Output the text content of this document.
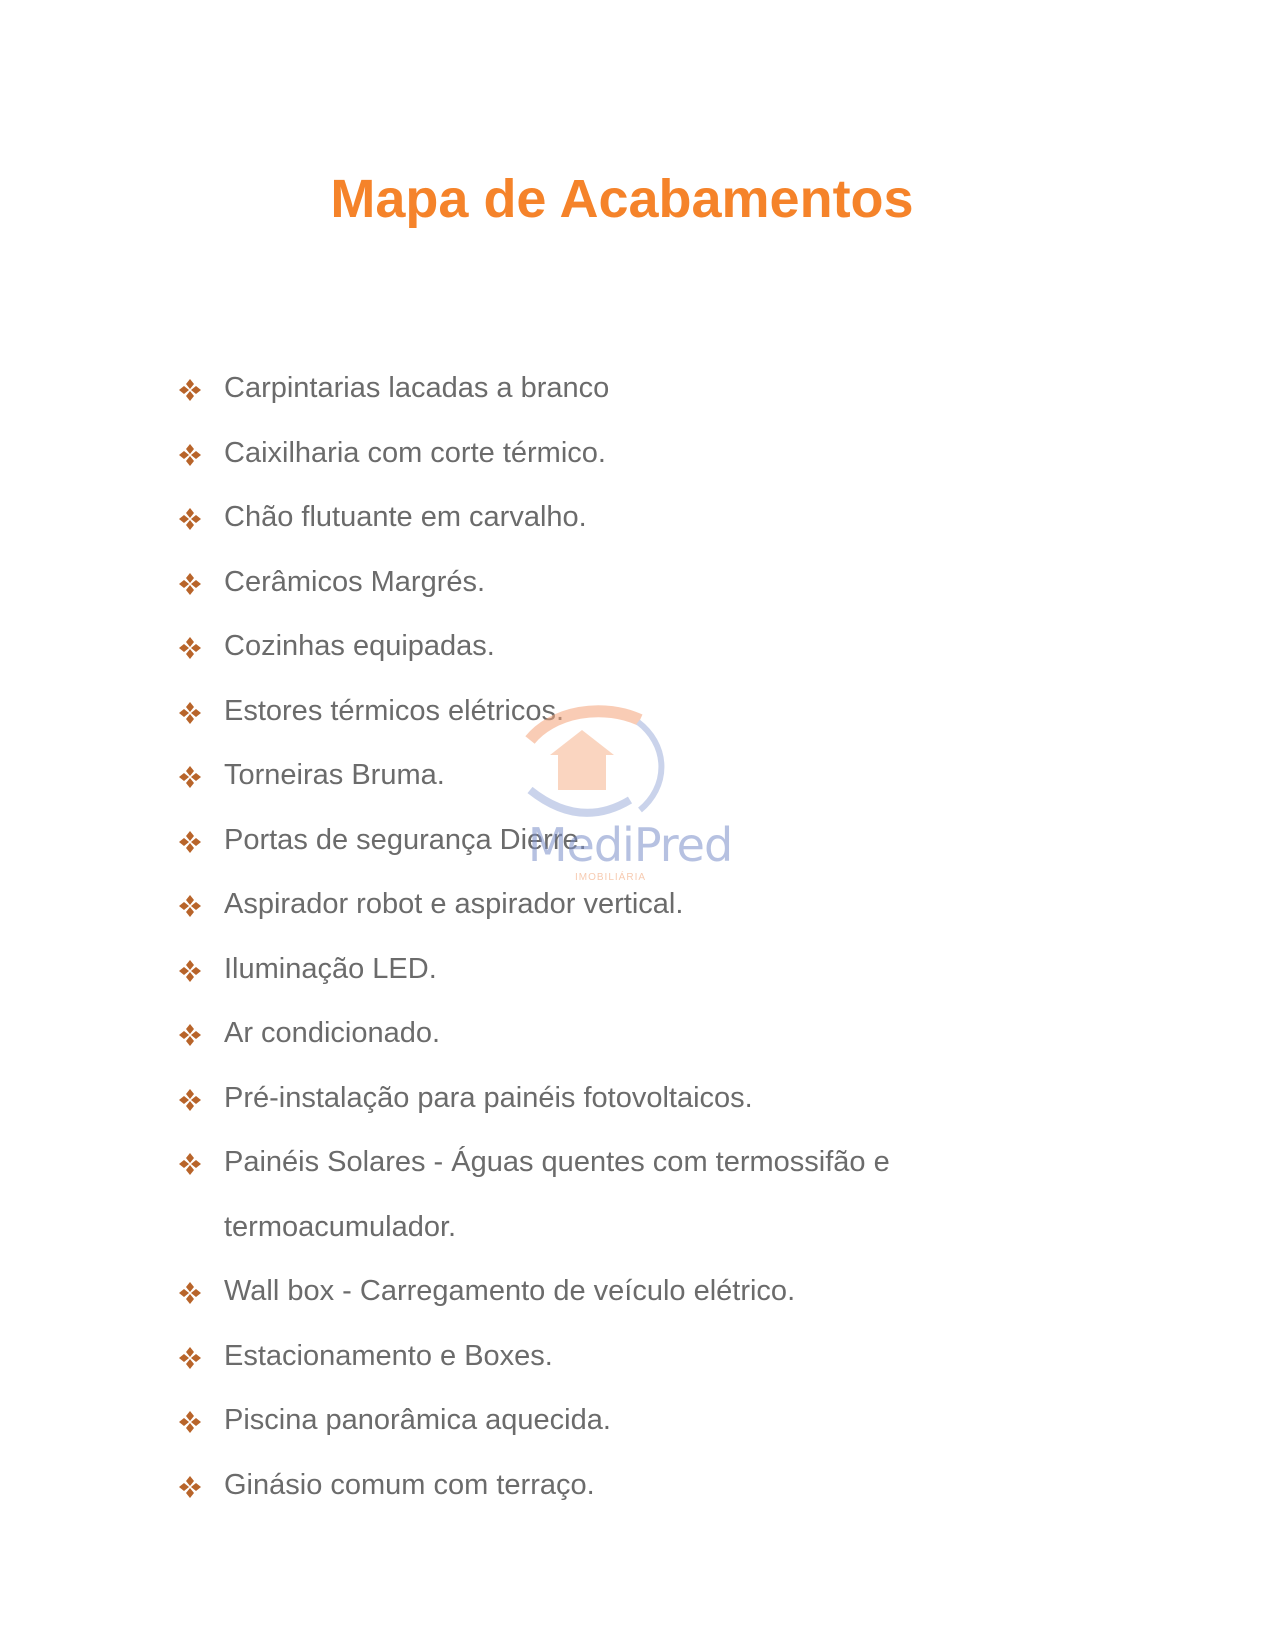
Mapa de Acabamentos
Carpintarias lacadas a branco
Caixilharia com corte térmico.
Chão flutuante em carvalho.
Cerâmicos Margrés.
Cozinhas equipadas.
Estores térmicos elétricos.
Torneiras Bruma.
Portas de segurança Dierre.
Aspirador robot e aspirador vertical.
Iluminação LED.
Ar condicionado.
Pré-instalação para painéis fotovoltaicos.
Painéis Solares - Águas quentes com termossifão e termoacumulador.
Wall box - Carregamento de veículo elétrico.
Estacionamento e Boxes.
Piscina panorâmica aquecida.
Ginásio comum com terraço.
MediPred
IMOBILIÁRIA
